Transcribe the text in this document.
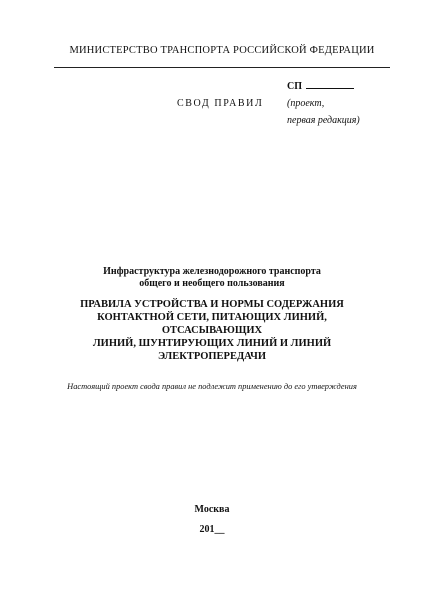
МИНИСТЕРСТВО ТРАНСПОРТА РОССИЙСКОЙ ФЕДЕРАЦИИ
СВОД ПРАВИЛ
СП
(проект,
первая редакция)
Инфраструктура железнодорожного транспорта
общего и необщего пользования
ПРАВИЛА УСТРОЙСТВА И НОРМЫ СОДЕРЖАНИЯ
КОНТАКТНОЙ СЕТИ, ПИТАЮЩИХ ЛИНИЙ, ОТСАСЫВАЮЩИХ
ЛИНИЙ, ШУНТИРУЮЩИХ ЛИНИЙ И ЛИНИЙ ЭЛЕКТРОПЕРЕДАЧИ
Настоящий проект свода правил не подлежит применению до его утверждения
Москва
201__
